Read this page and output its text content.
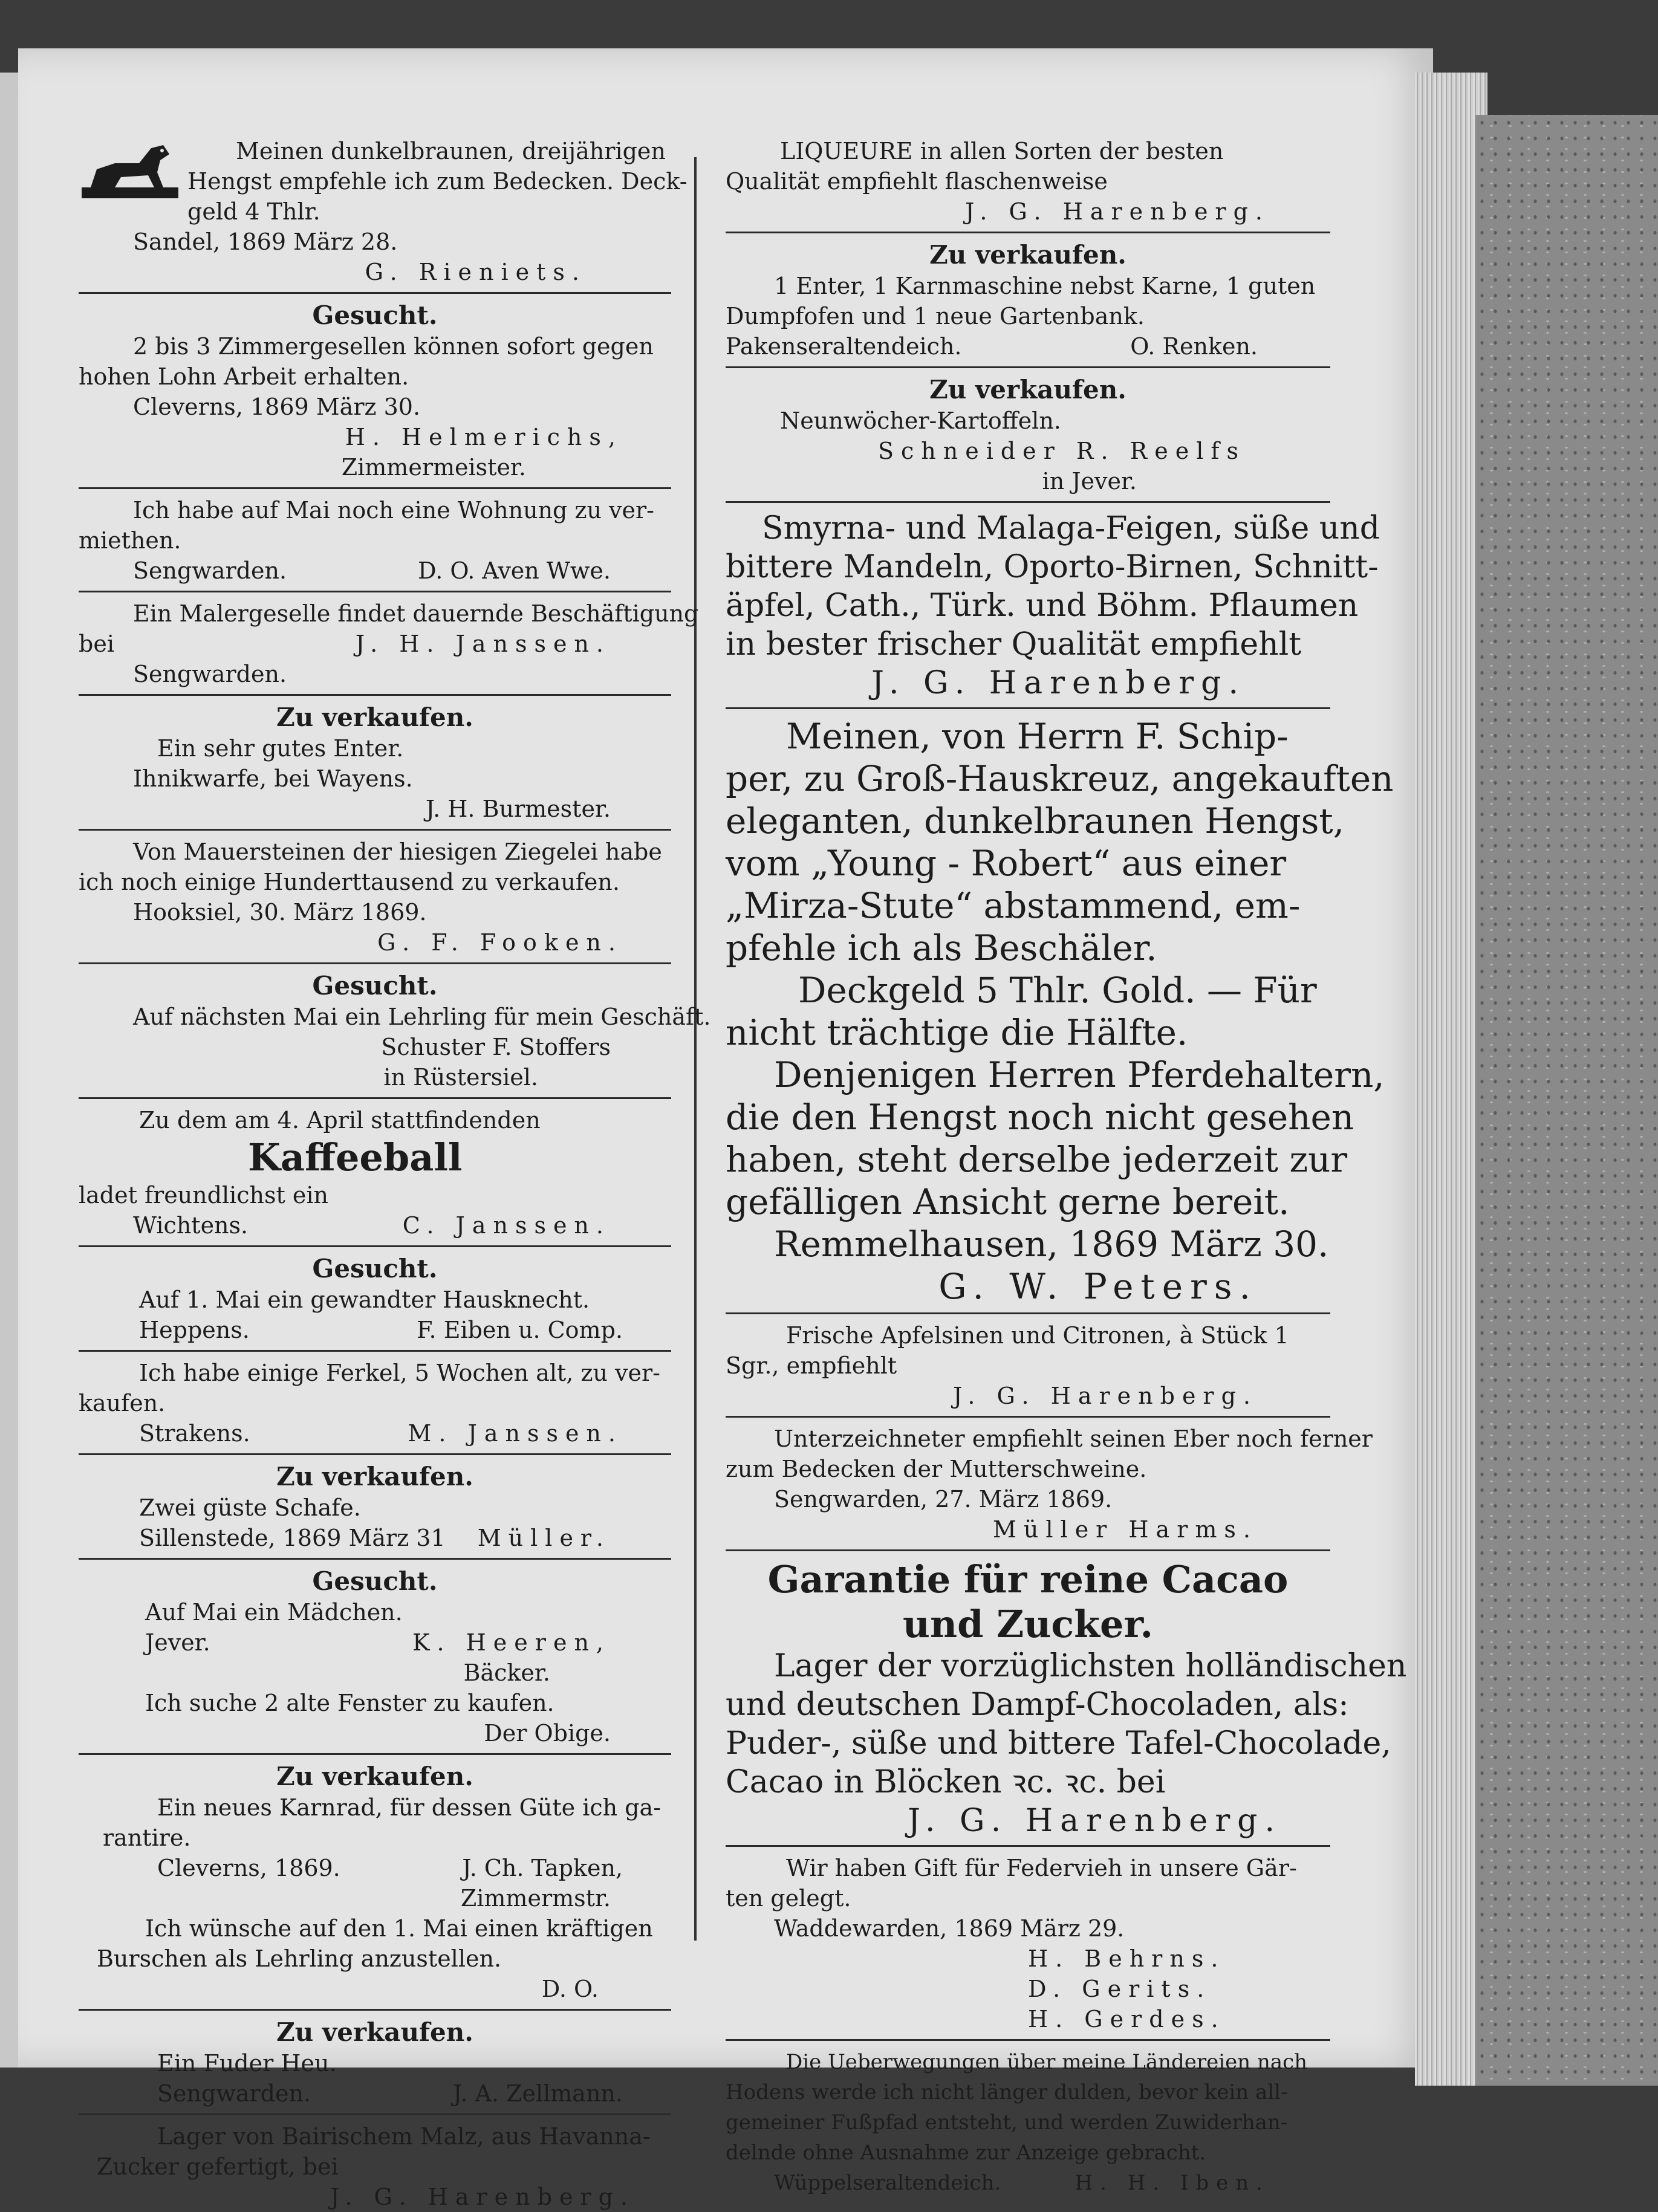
Meinen dunkelbraunen, dreijährigen
Hengst empfehle ich zum Bedecken. Deck-
geld 4 Thlr.
Sandel, 1869 März 28.
G. Rieniets.
Gesucht.
2 bis 3 Zimmergesellen können sofort gegen
hohen Lohn Arbeit erhalten.
Cleverns, 1869 März 30.
H. Helmerichs,
Zimmermeister.
Ich habe auf Mai noch eine Wohnung zu ver-
miethen.
Sengwarden.	D. O. Aven Wwe.
Ein Malergeselle findet dauernde Beschäftigung
bei	J. H. Janssen.
Sengwarden.
Zu verkaufen.
Ein sehr gutes Enter.
Ihnikwarfe, bei Wayens.
J. H. Burmester.
Von Mauersteinen der hiesigen Ziegelei habe
ich noch einige Hunderttausend zu verkaufen.
Hooksiel, 30. März 1869.
G. F. Fooken.
Gesucht.
Auf nächsten Mai ein Lehrling für mein Geschäft.
Schuster F. Stoffers
in Rüstersiel.
Zu dem am 4. April stattfindenden
Kaffeeball
ladet freundlichst ein
Wichtens.	C. Janssen.
Gesucht.
Auf 1. Mai ein gewandter Hausknecht.
Heppens.	F. Eiben u. Comp.
Ich habe einige Ferkel, 5 Wochen alt, zu ver-
kaufen.
Strakens.	M. Janssen.
Zu verkaufen.
Zwei güste Schafe.
Sillenstede, 1869 März 31 Müller.
Gesucht.
Auf Mai ein Mädchen.
Jever.	K. Heeren,
Bäcker.
Ich suche 2 alte Fenster zu kaufen.
Der Obige.
Zu verkaufen.
Ein neues Karnrad, für dessen Güte ich ga-
rantire.
Cleverns, 1869.	J. Ch. Tapken,
Zimmermstr.
Ich wünsche auf den 1. Mai einen kräftigen
Burschen als Lehrling anzustellen.
D. O.
Zu verkaufen.
Ein Fuder Heu.
Sengwarden.	J. A. Zellmann.
Lager von Bairischem Malz, aus Havanna-
Zucker gefertigt, bei
J. G. Harenberg.
LIQUEURE in allen Sorten der besten
Qualität empfiehlt flaschenweise
J. G. Harenberg.
Zu verkaufen.
1 Enter, 1 Karnmaschine nebst Karne, 1 guten
Dumpfofen und 1 neue Gartenbank.
Pakenseraltendeich.	O. Renken.
Zu verkaufen.
Neunwöcher-Kartoffeln.
Schneider R. Reelfs
in Jever.
Smyrna- und Malaga-Feigen, süße und
bittere Mandeln, Oporto-Birnen, Schnitt-
äpfel, Cath., Türk. und Böhm. Pflaumen
in bester frischer Qualität empfiehlt
J. G. Harenberg.
Meinen, von Herrn F. Schip-
per, zu Groß-Hauskreuz, angekauften
eleganten, dunkelbraunen Hengst,
vom „Young - Robert“ aus einer
„Mirza-Stute“ abstammend, em-
pfehle ich als Beschäler.
Deckgeld 5 Thlr. Gold. — Für
nicht trächtige die Hälfte.
Denjenigen Herren Pferdehaltern,
die den Hengst noch nicht gesehen
haben, steht derselbe jederzeit zur
gefälligen Ansicht gerne bereit.
Remmelhausen, 1869 März 30.
G. W. Peters.
Frische Apfelsinen und Citronen, à Stück 1
Sgr., empfiehlt
J. G. Harenberg.
Unterzeichneter empfiehlt seinen Eber noch ferner
zum Bedecken der Mutterschweine.
Sengwarden, 27. März 1869.
Müller Harms.
Garantie für reine Cacao
und Zucker.
Lager der vorzüglichsten holländischen
und deutschen Dampf-Chocoladen, als:
Puder-, süße und bittere Tafel-Chocolade,
Cacao in Blöcken ꝛc. ꝛc. bei
J. G. Harenberg.
Wir haben Gift für Federvieh in unsere Gär-
ten gelegt.
Waddewarden, 1869 März 29.
H. Behrns.
D. Gerits.
H. Gerdes.
Die Ueberwegungen über meine Ländereien nach
Hodens werde ich nicht länger dulden, bevor kein all-
gemeiner Fußpfad entsteht, und werden Zuwiderhan-
delnde ohne Ausnahme zur Anzeige gebracht.
Wüppelseraltendeich.	H. H. Iben.
